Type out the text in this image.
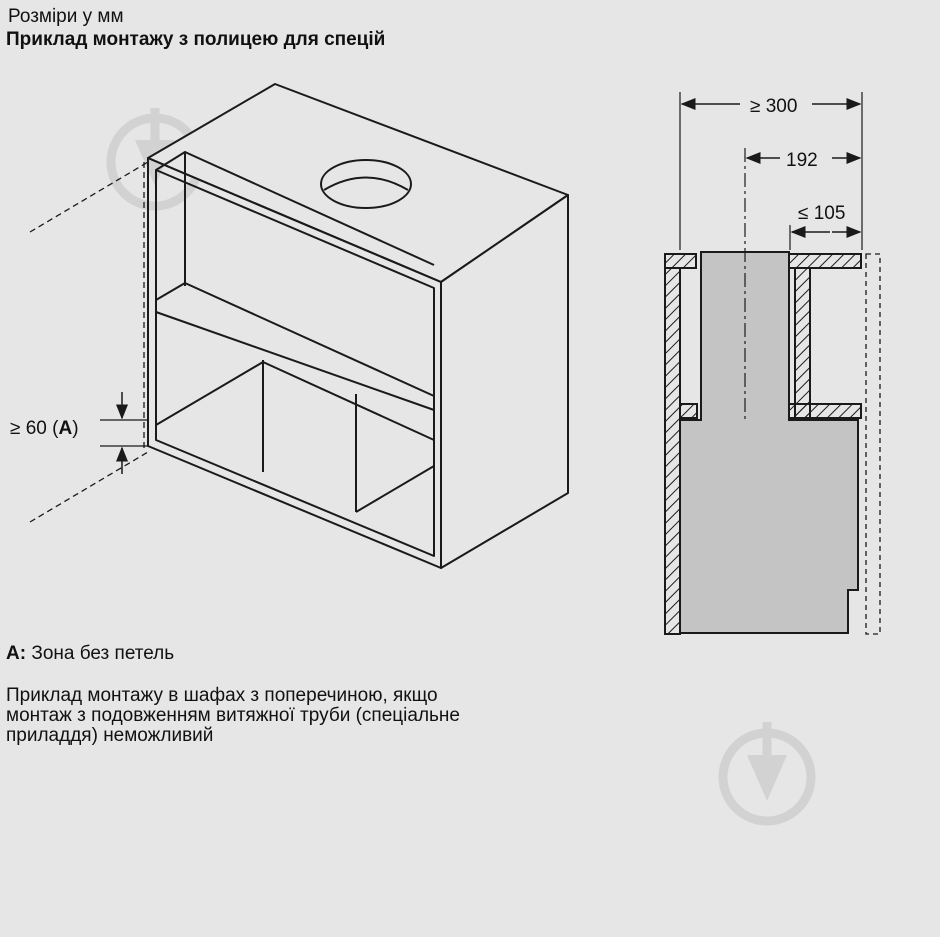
Розміри у мм
Приклад монтажу з полицею для спецій
≥ 300
192
≤ 105
≥ 60 (A)
A: Зона без петель
Приклад монтажу в шафах з поперечиною, якщо
монтаж з подовженням витяжної труби (спеціальне
приладдя) неможливий
